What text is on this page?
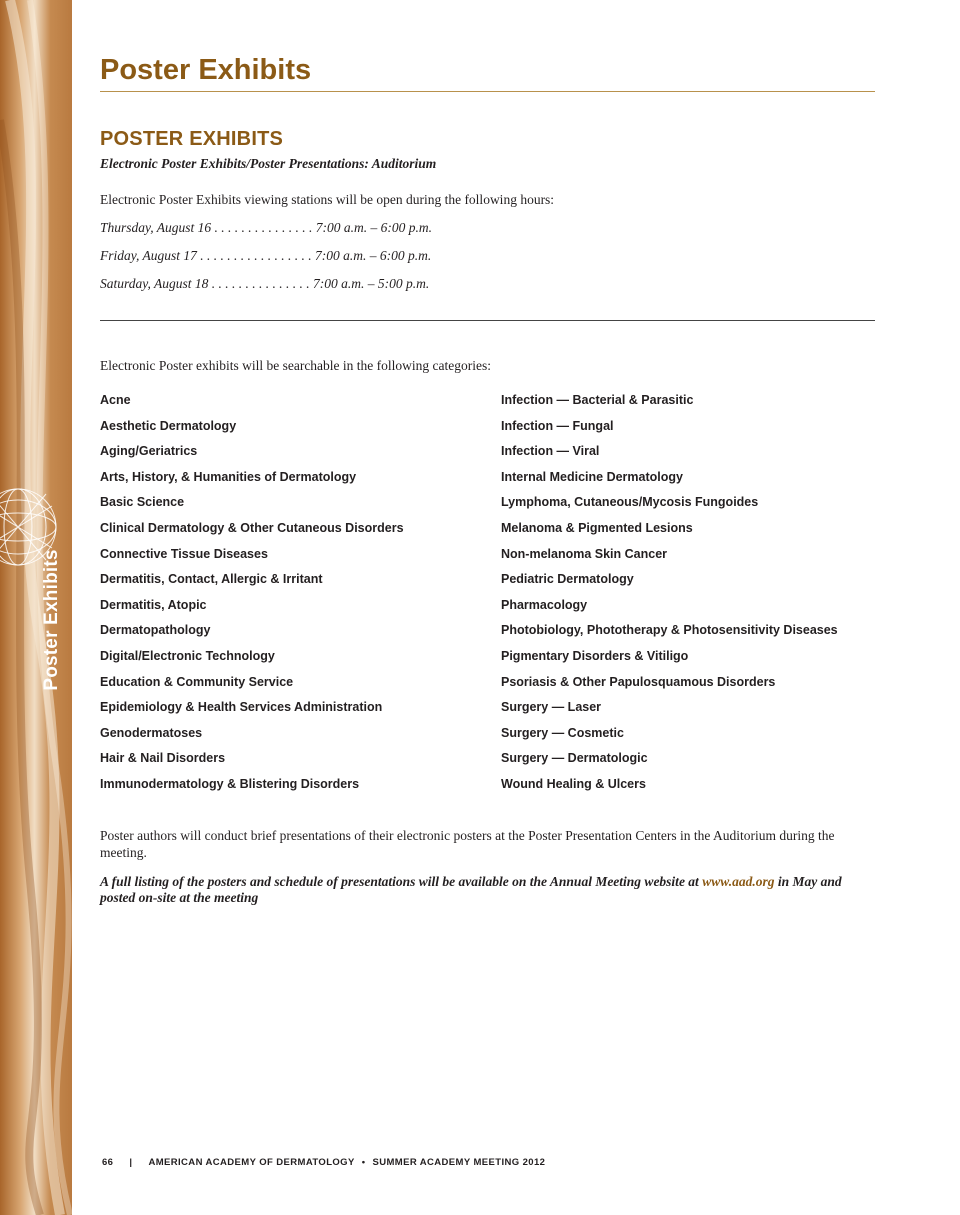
Poster Exhibits
Poster Exhibits
POSTER EXHIBITS
Electronic Poster Exhibits/Poster Presentations: Auditorium
Electronic Poster Exhibits viewing stations will be open during the following hours:
Thursday, August 16 . . . . . . . . . . . . . . . 7:00 a.m. – 6:00 p.m.
Friday, August 17 . . . . . . . . . . . . . . . . . 7:00 a.m. – 6:00 p.m.
Saturday, August 18 . . . . . . . . . . . . . . . 7:00 a.m. – 5:00 p.m.
Electronic Poster exhibits will be searchable in the following categories:
Acne
Aesthetic Dermatology
Aging/Geriatrics
Arts, History, & Humanities of Dermatology
Basic Science
Clinical Dermatology & Other Cutaneous Disorders
Connective Tissue Diseases
Dermatitis, Contact, Allergic & Irritant
Dermatitis, Atopic
Dermatopathology
Digital/Electronic Technology
Education & Community Service
Epidemiology & Health Services Administration
Genodermatoses
Hair & Nail Disorders
Immunodermatology & Blistering Disorders
Infection — Bacterial & Parasitic
Infection — Fungal
Infection — Viral
Internal Medicine Dermatology
Lymphoma, Cutaneous/Mycosis Fungoides
Melanoma & Pigmented Lesions
Non-melanoma Skin Cancer
Pediatric Dermatology
Pharmacology
Photobiology, Phototherapy & Photosensitivity Diseases
Pigmentary Disorders & Vitiligo
Psoriasis & Other Papulosquamous Disorders
Surgery — Laser
Surgery — Cosmetic
Surgery — Dermatologic
Wound Healing & Ulcers
Poster authors will conduct brief presentations of their electronic posters at the Poster Presentation Centers in the Auditorium during the meeting.
A full listing of the posters and schedule of presentations will be available on the Annual Meeting website at www.aad.org in May and posted on-site at the meeting
66 | AMERICAN ACADEMY OF DERMATOLOGY • SUMMER ACADEMY MEETING 2012
